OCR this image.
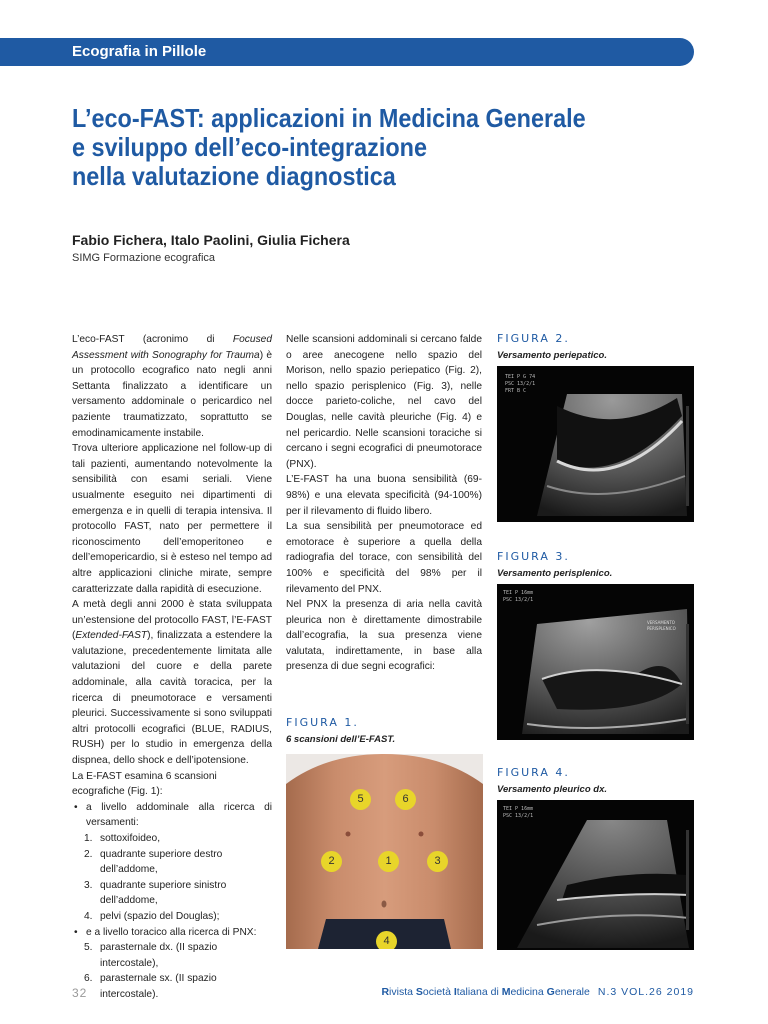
Ecografia in Pillole
L’eco-FAST: applicazioni in Medicina Generale
e sviluppo dell’eco-integrazione
nella valutazione diagnostica
Fabio Fichera, Italo Paolini, Giulia Fichera
SIMG Formazione ecografica

L’eco-FAST (acronimo di Focused Assessment with Sonography for Trauma) è un protocollo ecografico nato negli anni Settanta finalizzato a identificare un versamento addominale o pericardico nel paziente traumatizzato, soprattutto se emodinamicamente instabile.

Trova ulteriore applicazione nel follow-up di tali pazienti, aumentando notevolmente la sensibilità con esami seriali. Viene usualmente eseguito nei dipartimenti di emergenza e in quelli di terapia intensiva. Il protocollo FAST, nato per permettere il riconoscimento dell’emoperitoneo e dell’emopericardio, si è esteso nel tempo ad altre applicazioni cliniche mirate, sempre caratterizzate dalla rapidità di esecuzione.

A metà degli anni 2000 è stata sviluppata un’estensione del protocollo FAST, l’E-FAST (Extended-FAST), finalizzata a estendere la valutazione, precedentemente limitata alle valutazioni del cuore e della parete addominale, alla cavità toracica, per la ricerca di pneumotorace e versamenti pleurici. Successivamente si sono sviluppati altri protocolli ecografici (BLUE, RADIUS, RUSH) per lo studio in emergenza della dispnea, dello shock e dell’ipotensione.

La E-FAST esamina 6 scansioni ecografiche (Fig. 1):

• a livello addominale alla ricerca di versamenti:
1. sottoxifoideo,
2. quadrante superiore destro dell’addome,
3. quadrante superiore sinistro dell’addome,
4. pelvi (spazio del Douglas);
• e a livello toracico alla ricerca di PNX:
5. parasternale dx. (II spazio intercostale),
6. parasternale sx. (II spazio intercostale).

Nelle scansioni addominali si cercano falde o aree anecogene nello spazio del Morison, nello spazio periepatico (Fig. 2), nello spazio perisplenico (Fig. 3), nelle docce parieto-coliche, nel cavo del Douglas, nelle cavità pleuriche (Fig. 4) e nel pericardio. Nelle scansioni toraciche si cercano i segni ecografici di pneumotorace (PNX).

L’E-FAST ha una buona sensibilità (69-98%) e una elevata specificità (94-100%) per il rilevamento di fluido libero.

La sua sensibilità per pneumotorace ed emotorace è superiore a quella della radiografia del torace, con sensibilità del 100% e specificità del 98% per il rilevamento del PNX.

Nel PNX la presenza di aria nella cavità pleurica non è direttamente dimostrabile dall’ecografia, la sua presenza viene valutata, indirettamente, in base alla presenza di due segni ecografici:

FIGURA 2.
Versamento periepatico.
TEI P G 74
PSC 13/2/1
FRT B C
FIGURA 3.
Versamento perisplenico.
TEI P 16mm
PSC 13/2/1
VERSAMENTO
PERISPLENICO
FIGURA 4.
Versamento pleurico dx.
TEI P 16mm
PSC 13/2/1
FIGURA 1.
6 scansioni dell’E-FAST.
5	6
2	1	3
4
32	Rivista Società Italiana di Medicina Generale N.3 VOL.26 2019
